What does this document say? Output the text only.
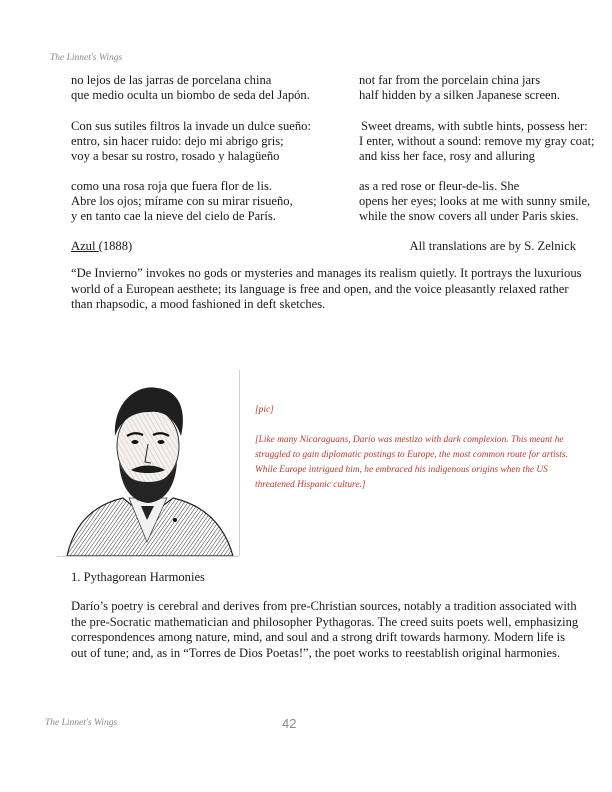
The Linnet's Wings
no lejos de las jarras de porcelana china
que medio oculta un biombo de seda del Japón.
not far from the porcelain china jars
half hidden by a silken Japanese screen.
Con sus sutiles filtros la invade un dulce sueño:
entro, sin hacer ruido: dejo mi abrigo gris;
voy a besar su rostro, rosado y halagüeño
Sweet dreams, with subtle hints, possess her:
I enter, without a sound: remove my gray coat;
and kiss her face, rosy and alluring
como una rosa roja que fuera flor de lis.
Abre los ojos; mírame con su mirar risueño,
y en tanto cae la nieve del cielo de París.
as a red rose or fleur-de-lis. She
opens her eyes; looks at me with sunny smile,
while the snow covers all under Paris skies.
Azul (1888)	All translations are by S. Zelnick
“De Invierno” invokes no gods or mysteries and manages its realism quietly. It portrays the luxurious world of a European aesthete; its language is free and open, and the voice pleasantly relaxed rather than rhapsodic, a mood fashioned in deft sketches.
[pic]
[Like many Nicaraguans, Darío was mestizo with dark complexion. This meant he struggled to gain diplomatic postings to Europe, the most common route for artists. While Europe intrigued him, he embraced his indigenous origins when the US threatened Hispanic culture.]
1. Pythagorean Harmonies
Darío’s poetry is cerebral and derives from pre-Christian sources, notably a tradition associated with the pre-Socratic mathematician and philosopher Pythagoras. The creed suits poets well, emphasizing correspondences among nature, mind, and soul and a strong drift towards harmony. Modern life is out of tune; and, as in “Torres de Dios Poetas!”, the poet works to reestablish original harmonies.
The Linnet's Wings	42
